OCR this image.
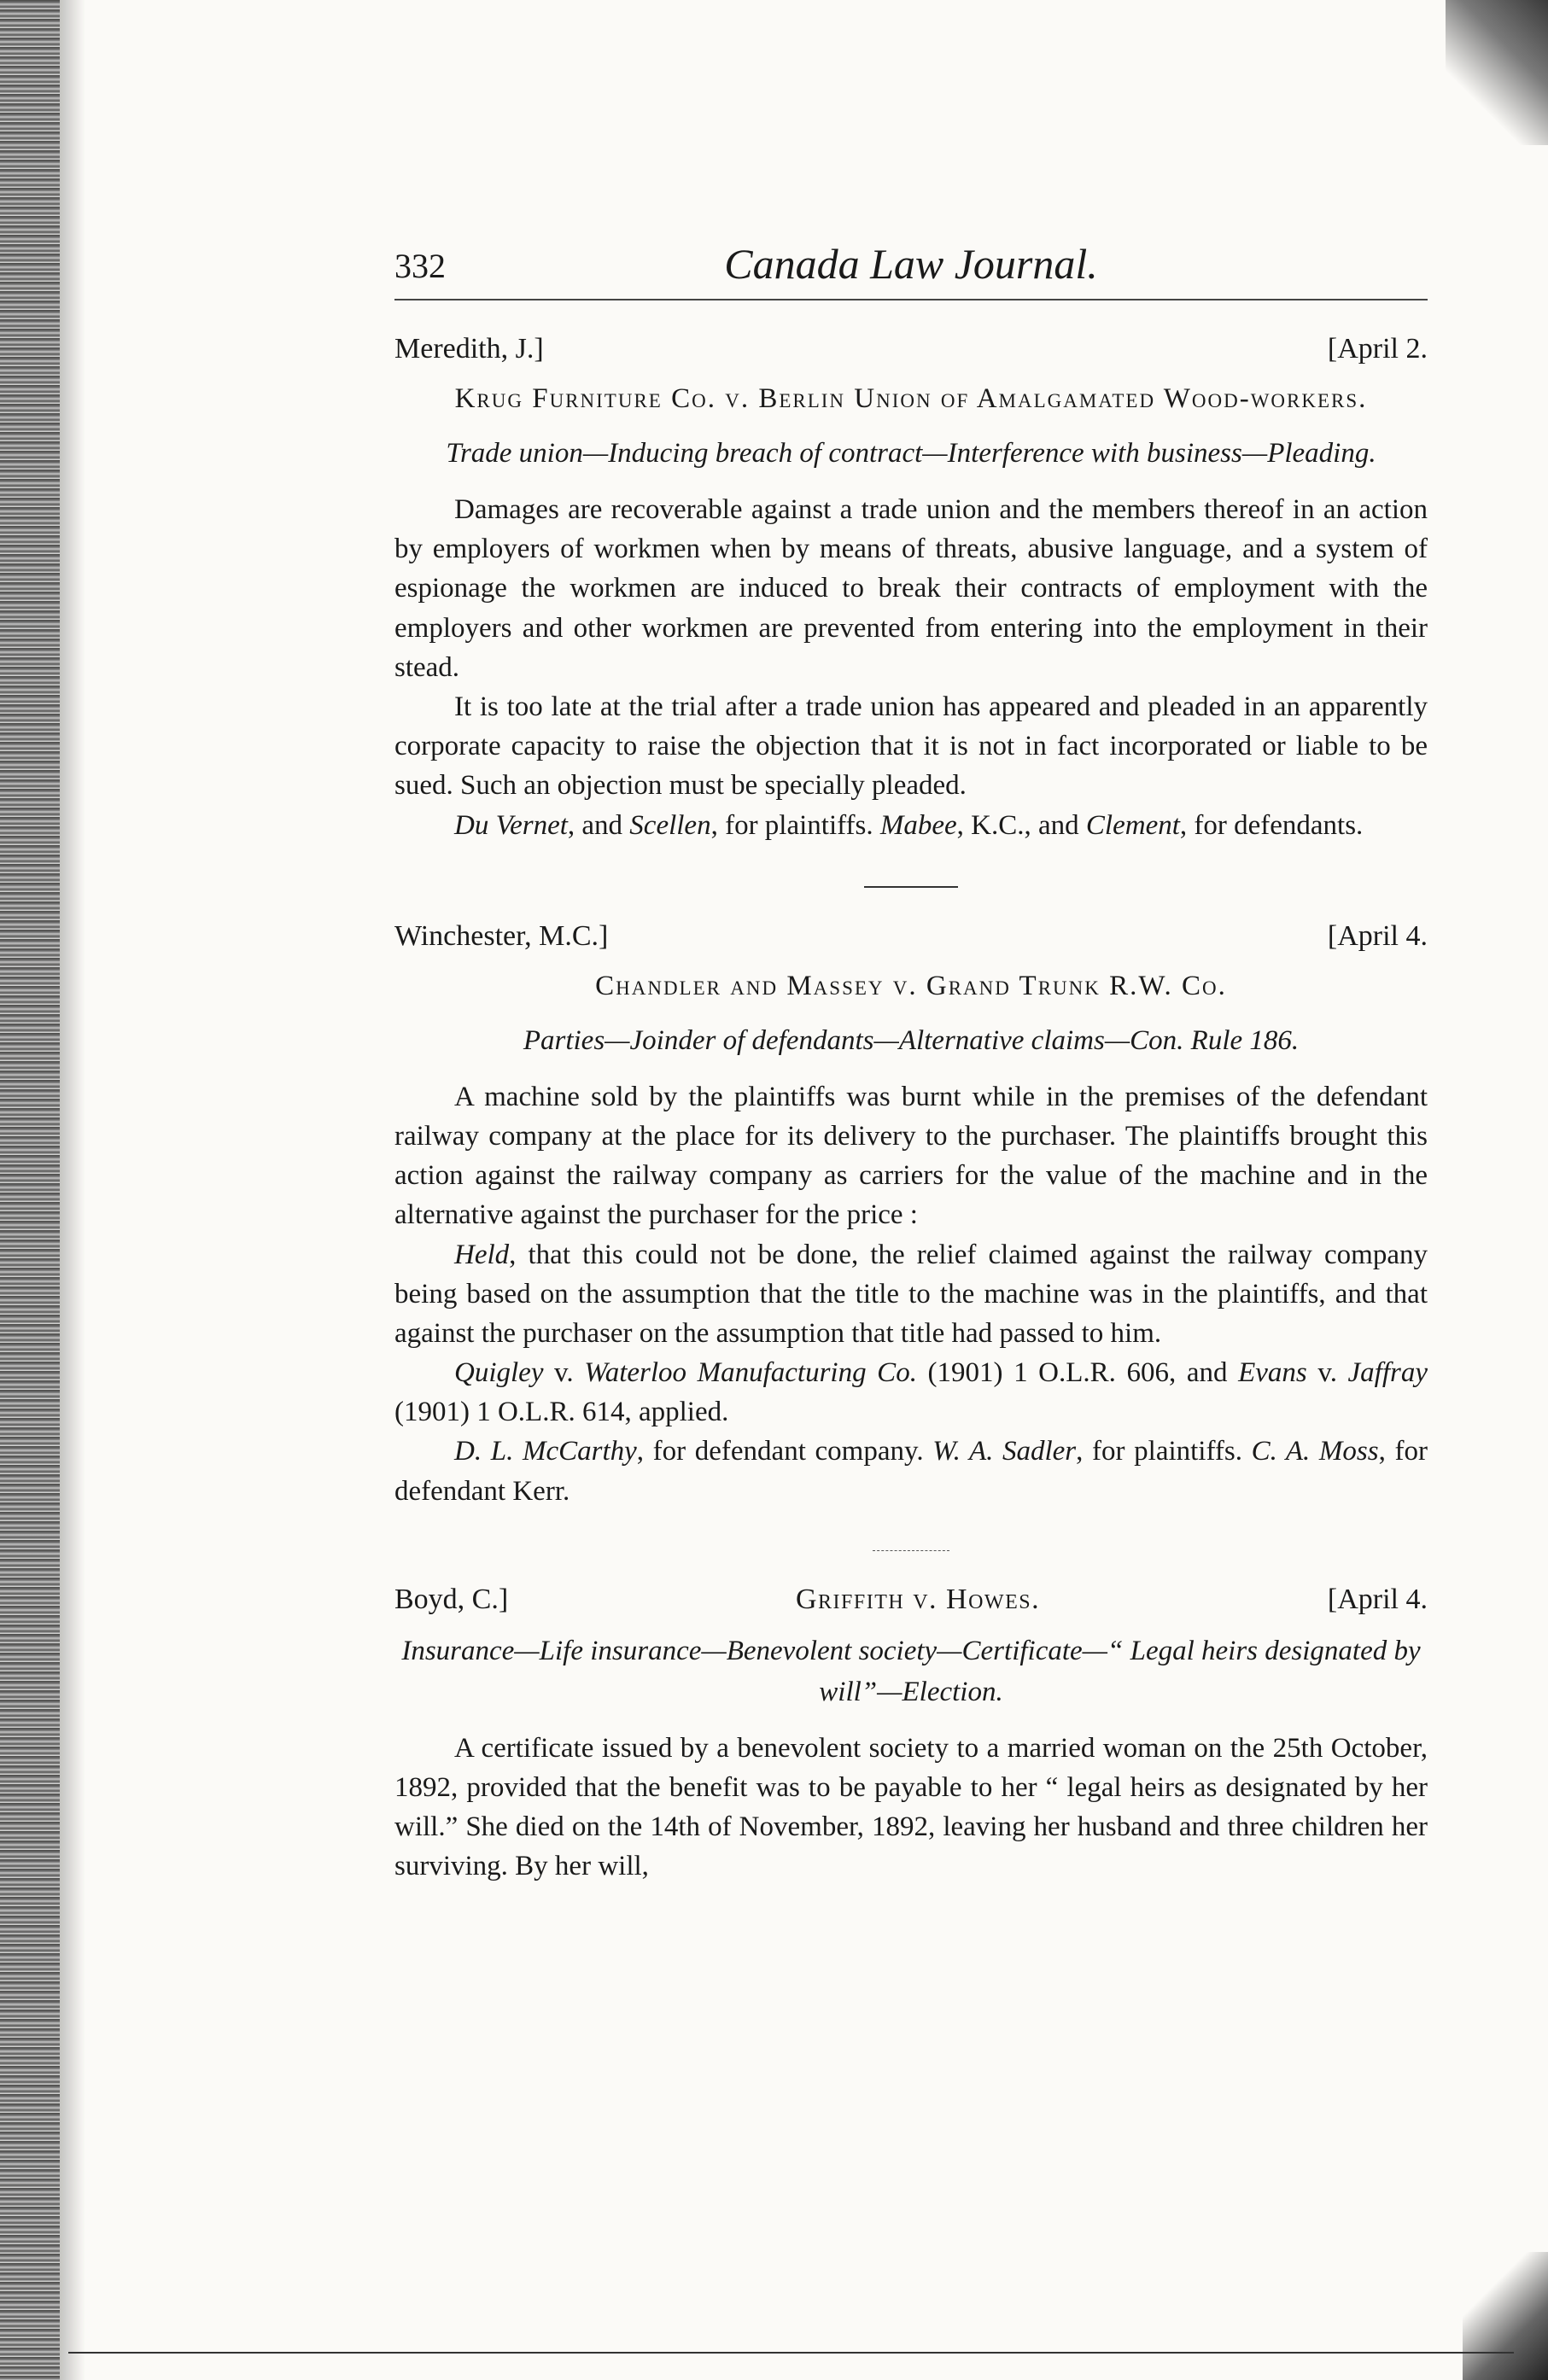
332	Canada Law Journal.
Meredith, J.]	[April 2.
Krug Furniture Co. v. Berlin Union of Amalgamated Wood-workers.
Trade union—Inducing breach of contract—Interference with business—Pleading.

Damages are recoverable against a trade union and the members thereof in an action by employers of workmen when by means of threats, abusive language, and a system of espionage the workmen are induced to break their contracts of employment with the employers and other workmen are prevented from entering into the employment in their stead.

It is too late at the trial after a trade union has appeared and pleaded in an apparently corporate capacity to raise the objection that it is not in fact incorporated or liable to be sued. Such an objection must be specially pleaded.

Du Vernet, and Scellen, for plaintiffs. Mabee, K.C., and Clement, for defendants.

Winchester, M.C.]	[April 4.
Chandler and Massey v. Grand Trunk R.W. Co.
Parties—Joinder of defendants—Alternative claims—Con. Rule 186.

A machine sold by the plaintiffs was burnt while in the premises of the defendant railway company at the place for its delivery to the purchaser. The plaintiffs brought this action against the railway company as carriers for the value of the machine and in the alternative against the purchaser for the price :

Held, that this could not be done, the relief claimed against the railway company being based on the assumption that the title to the machine was in the plaintiffs, and that against the purchaser on the assumption that title had passed to him.

Quigley v. Waterloo Manufacturing Co. (1901) 1 O.L.R. 606, and Evans v. Jaffray (1901) 1 O.L.R. 614, applied.

D. L. McCarthy, for defendant company. W. A. Sadler, for plaintiffs. C. A. Moss, for defendant Kerr.

Boyd, C.]	Griffith v. Howes.	[April 4.
Insurance—Life insurance—Benevolent society—Certificate—“ Legal heirs designated by will”—Election.

A certificate issued by a benevolent society to a married woman on the 25th October, 1892, provided that the benefit was to be payable to her “ legal heirs as designated by her will.” She died on the 14th of November, 1892, leaving her husband and three children her surviving. By her will,
